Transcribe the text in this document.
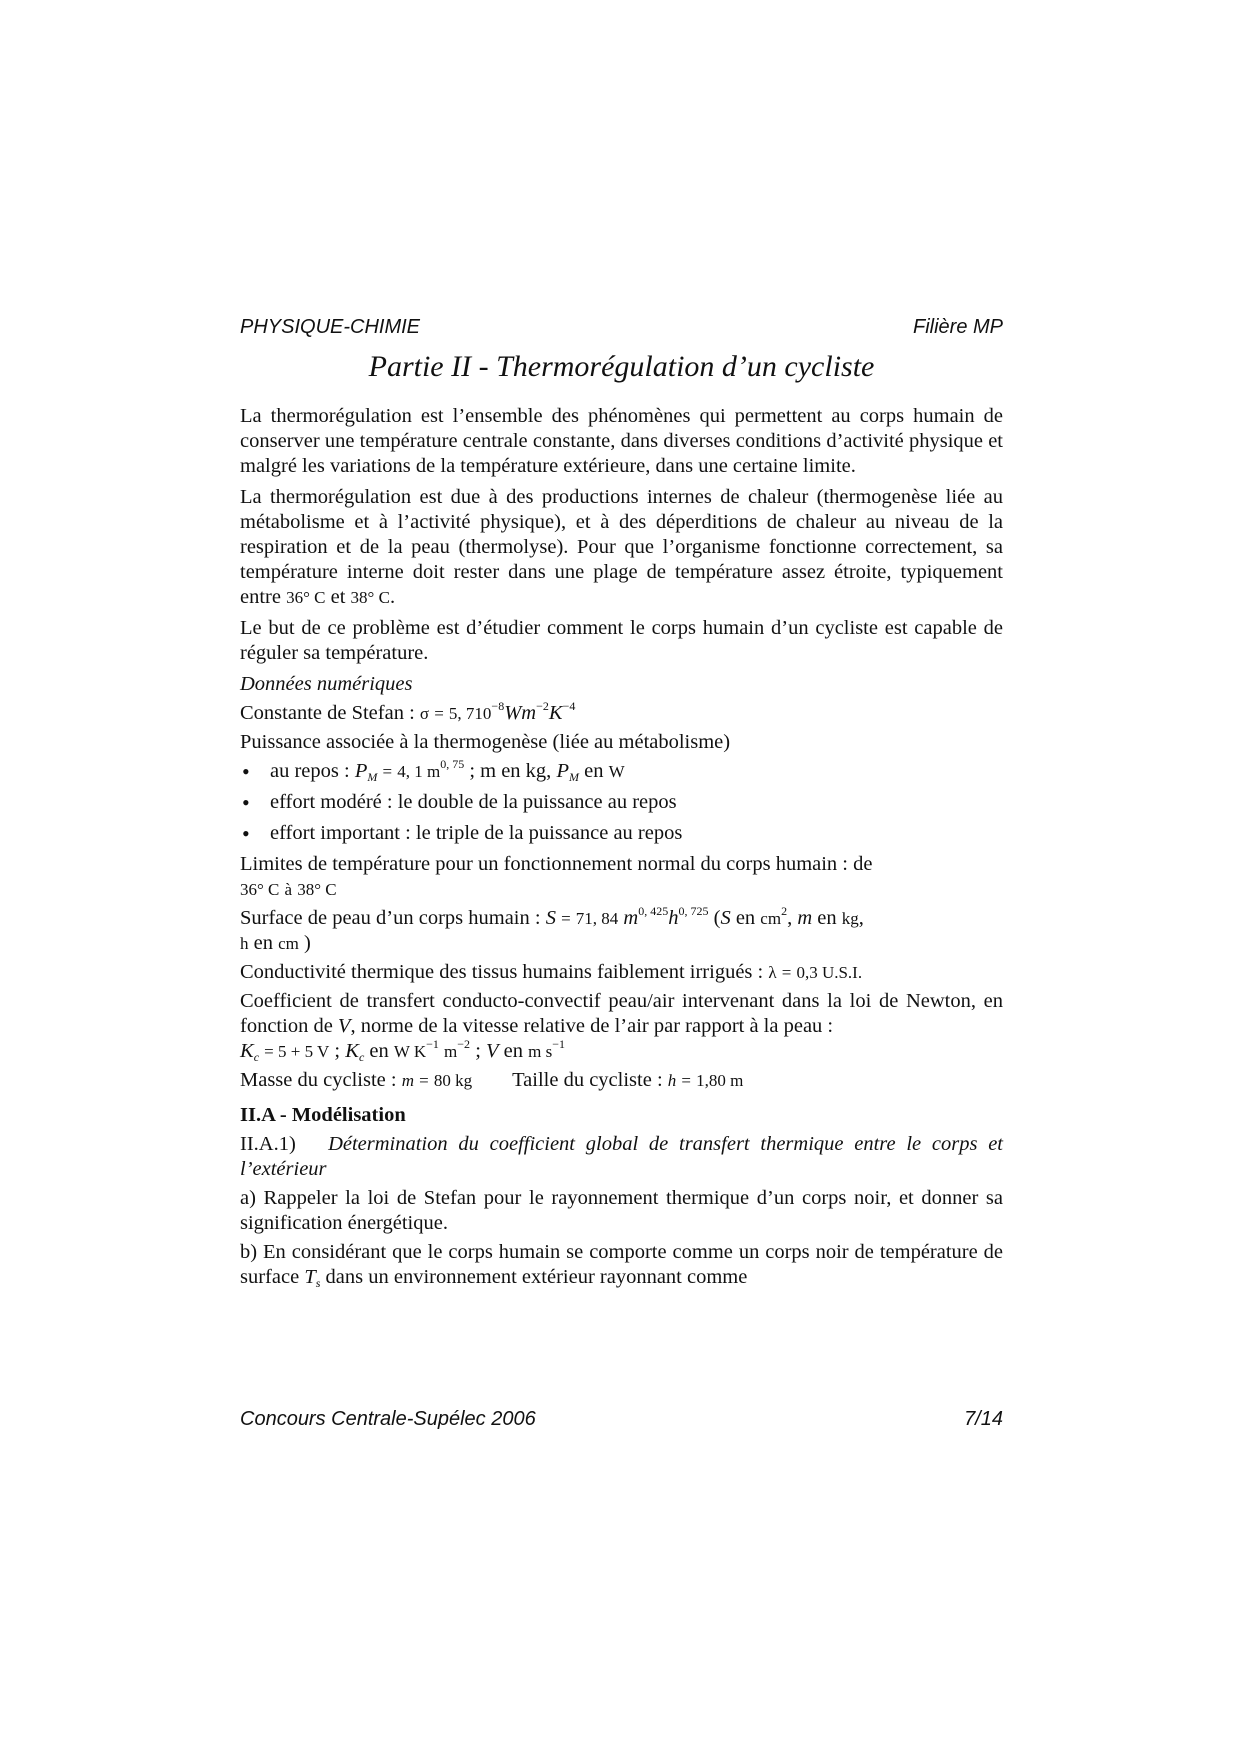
PHYSIQUE-CHIMIE	Filière MP
Partie II - Thermorégulation d’un cycliste

La thermorégulation est l’ensemble des phénomènes qui permettent au corps humain de conserver une température centrale constante, dans diverses conditions d’activité physique et malgré les variations de la température extérieure, dans une certaine limite.

La thermorégulation est due à des productions internes de chaleur (thermogenèse liée au métabolisme et à l’activité physique), et à des déperditions de chaleur au niveau de la respiration et de la peau (thermolyse). Pour que l’organisme fonctionne correctement, sa température interne doit rester dans une plage de température assez étroite, typiquement entre 36° C et 38° C.

Le but de ce problème est d’étudier comment le corps humain d’un cycliste est capable de réguler sa température.

Données numériques

Constante de Stefan : σ = 5, $710^{-8}Wm^{-2}K^{-4}$

Puissance associée à la thermogenèse (liée au métabolisme)

• au repos : $P_M = 4$, 1 $m^{0, 75}$ ; m en kg, $P_M$ en W
• effort modéré : le double de la puissance au repos
• effort important : le triple de la puissance au repos

Limites de température pour un fonctionnement normal du corps humain : de
36° C à 38° C

Surface de peau d’un corps humain : S = 71, 84 $m^{0, 425}h^{0, 725}$ (S en $cm^2$, m en kg,
h en cm )

Conductivité thermique des tissus humains faiblement irrigués : λ = 0,3 U.S.I.

Coefficient de transfert conducto-convectif peau/air intervenant dans la loi de Newton, en fonction de V, norme de la vitesse relative de l’air par rapport à la peau :
$K_c = 5 + 5$ V ; $K_c$ en W $K^{-1}$ $m^{-2}$ ; V en m $s^{-1}$

Masse du cycliste : m = 80 kg Taille du cycliste : h = 1,80 m

II.A - Modélisation

II.A.1) Détermination du coefficient global de transfert thermique entre le corps et l’extérieur

a) Rappeler la loi de Stefan pour le rayonnement thermique d’un corps noir, et donner sa signification énergétique.

b) En considérant que le corps humain se comporte comme un corps noir de température de surface $T_s$ dans un environnement extérieur rayonnant comme

Concours Centrale-Supélec 2006	7/14
